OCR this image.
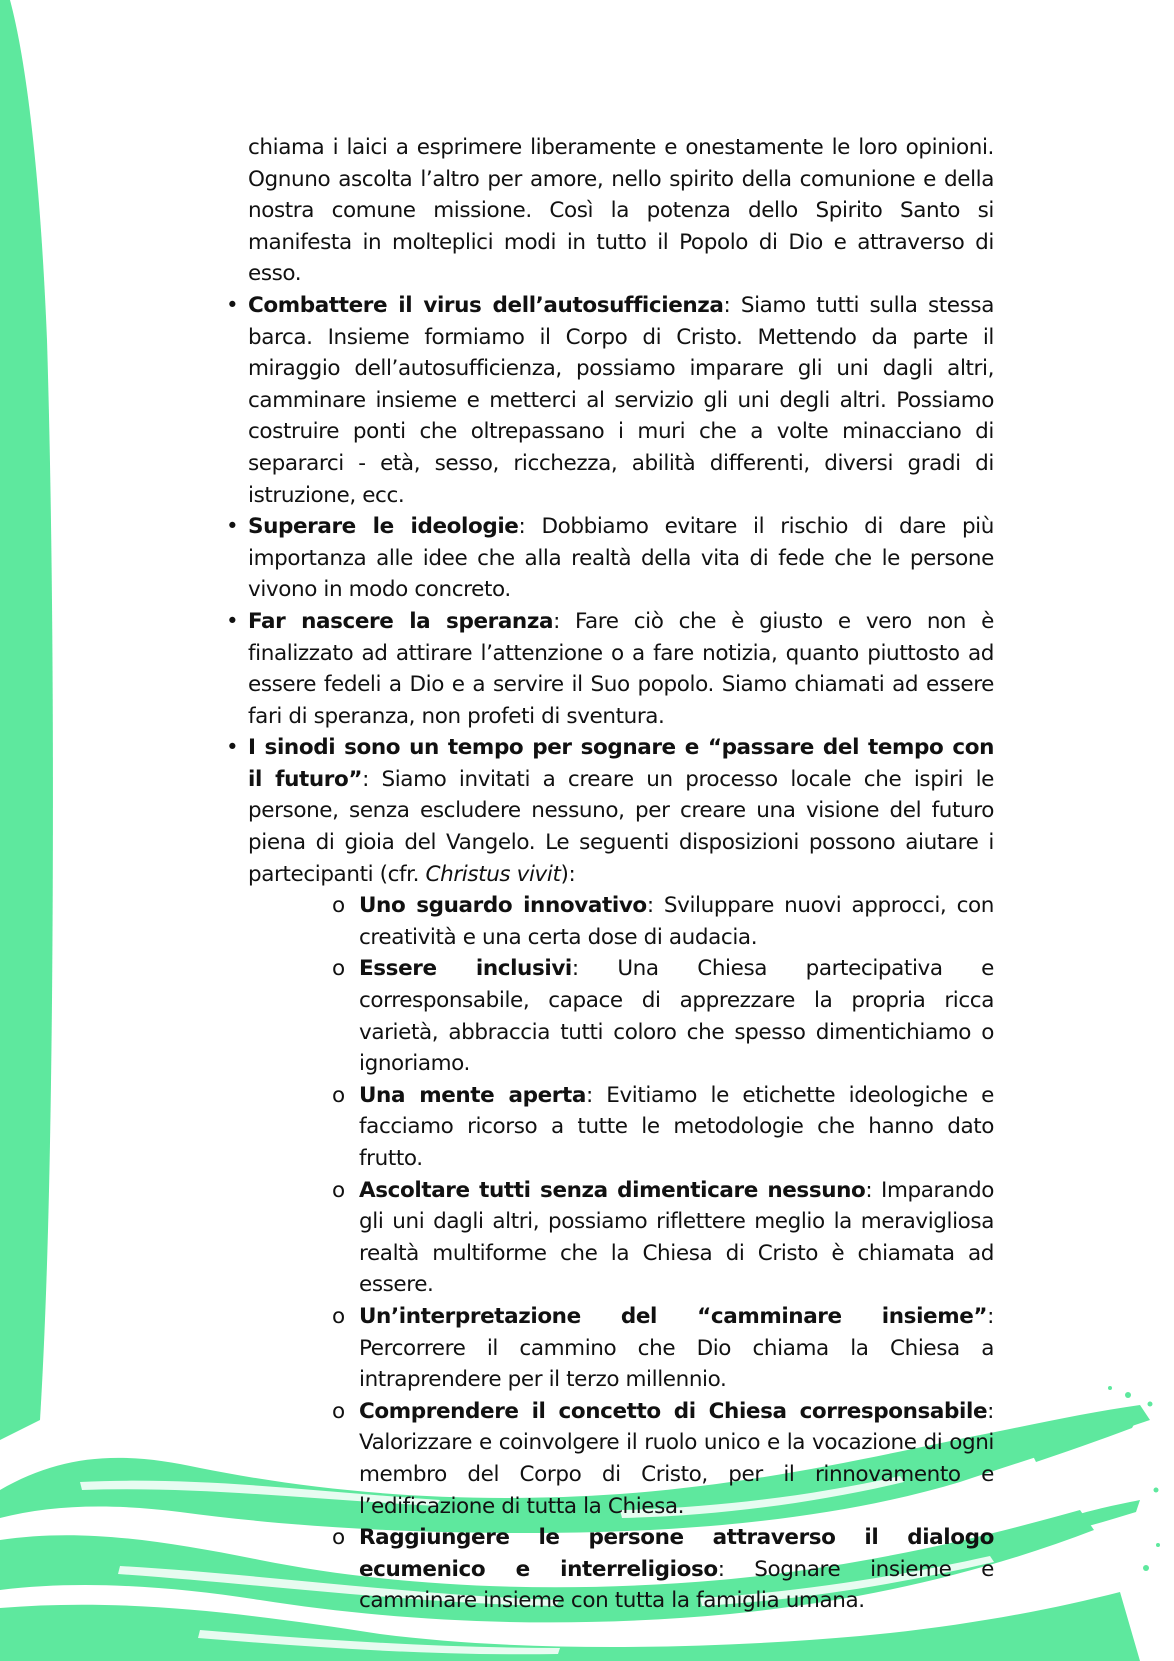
chiama i laici a esprimere liberamente e onestamente le loro opinioni. Ognuno ascolta l’altro per amore, nello spirito della comunione e della nostra comune missione. Così la potenza dello Spirito Santo si manifesta in molteplici modi in tutto il Popolo di Dio e attraverso di esso.

• Combattere il virus dell’autosufficienza: Siamo tutti sulla stessa barca. Insieme formiamo il Corpo di Cristo. Mettendo da parte il miraggio dell’autosufficienza, possiamo imparare gli uni dagli altri, camminare insieme e metterci al servizio gli uni degli altri. Possiamo costruire ponti che oltrepassano i muri che a volte minacciano di separarci - età, sesso, ricchezza, abilità differenti, diversi gradi di istruzione, ecc.
• Superare le ideologie: Dobbiamo evitare il rischio di dare più importanza alle idee che alla realtà della vita di fede che le persone vivono in modo concreto.
• Far nascere la speranza: Fare ciò che è giusto e vero non è finalizzato ad attirare l’attenzione o a fare notizia, quanto piuttosto ad essere fedeli a Dio e a servire il Suo popolo. Siamo chiamati ad essere fari di speranza, non profeti di sventura.
• I sinodi sono un tempo per sognare e “passare del tempo con il futuro”: Siamo invitati a creare un processo locale che ispiri le persone, senza escludere nessuno, per creare una visione del futuro piena di gioia del Vangelo. Le seguenti disposizioni possono aiutare i partecipanti (cfr. Christus vivit):
o Uno sguardo innovativo: Sviluppare nuovi approcci, con creatività e una certa dose di audacia.
o Essere inclusivi: Una Chiesa partecipativa e corresponsabile, capace di apprezzare la propria ricca varietà, abbraccia tutti coloro che spesso dimentichiamo o ignoriamo.
o Una mente aperta: Evitiamo le etichette ideologiche e facciamo ricorso a tutte le metodologie che hanno dato frutto.
o Ascoltare tutti senza dimenticare nessuno: Imparando gli uni dagli altri, possiamo riflettere meglio la meravigliosa realtà multiforme che la Chiesa di Cristo è chiamata ad essere.
o Un’interpretazione del “camminare insieme”: Percorrere il cammino che Dio chiama la Chiesa a intraprendere per il terzo millennio.
o Comprendere il concetto di Chiesa corresponsabile: Valorizzare e coinvolgere il ruolo unico e la vocazione di ogni membro del Corpo di Cristo, per il rinnovamento e l’edificazione di tutta la Chiesa.
o Raggiungere le persone attraverso il dialogo ecumenico e interreligioso: Sognare insieme e camminare insieme con tutta la famiglia umana.
